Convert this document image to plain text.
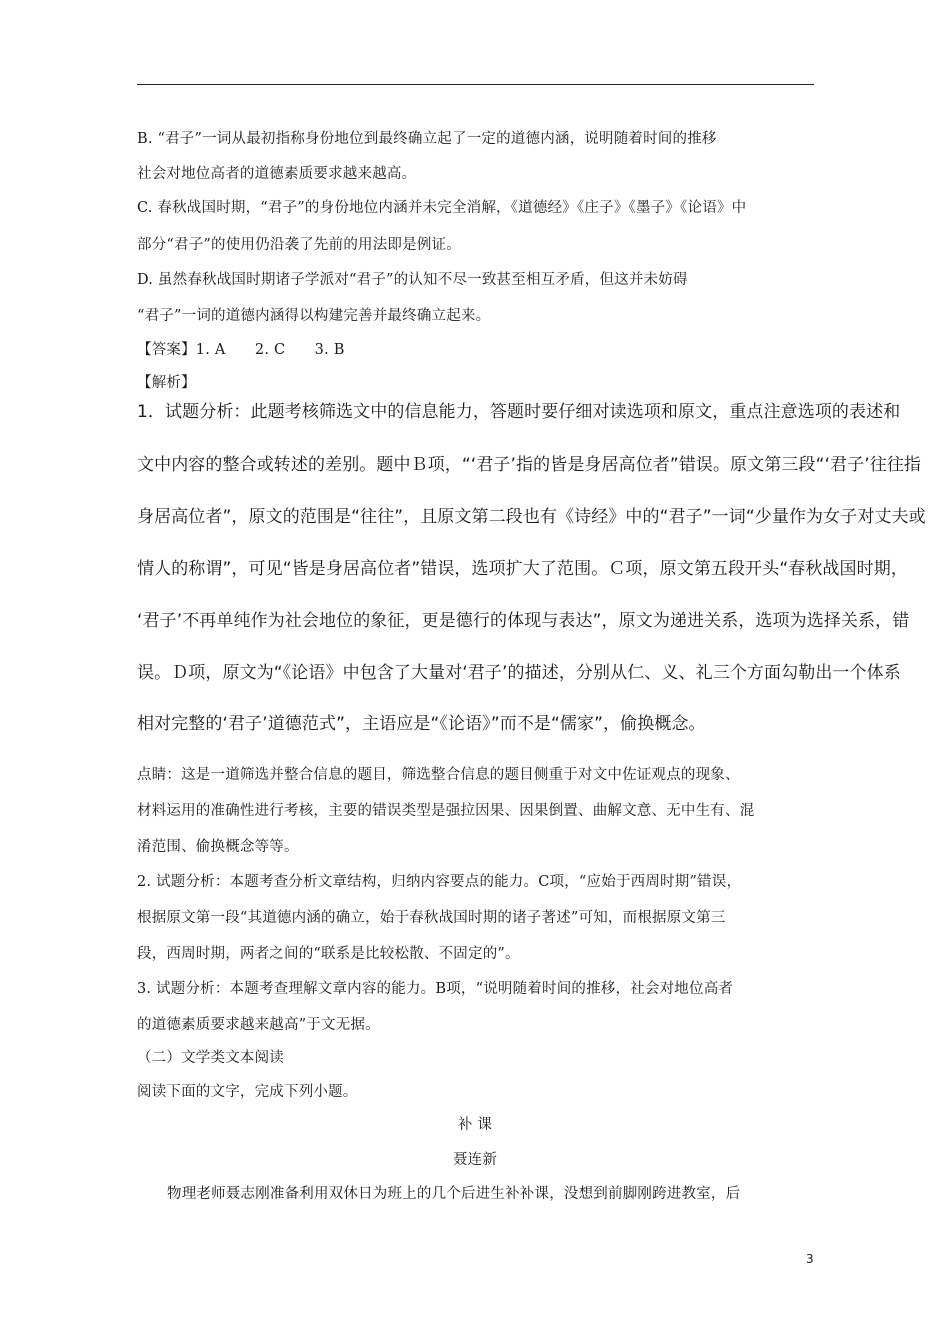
B. “君子”一词从最初指称身份地位到最终确立起了一定的道德内涵，说明随着时间的推移
社会对地位高者的道德素质要求越来越高。
C. 春秋战国时期，“君子”的身份地位内涵并未完全消解，《道德经》《庄子》《墨子》《论语》中
部分“君子”的使用仍沿袭了先前的用法即是例证。
D. 虽然春秋战国时期诸子学派对“君子”的认知不尽一致甚至相互矛盾，但这并未妨碍
“君子”一词的道德内涵得以构建完善并最终确立起来。
【答案】1. A　　2. C　　3. B
【解析】
1．试题分析：此题考核筛选文中的信息能力，答题时要仔细对读选项和原文，重点注意选项的表述和
文中内容的整合或转述的差别。题中Ｂ项，“‘君子’指的皆是身居高位者”错误。原文第三段“‘君子’往往指
身居高位者”，原文的范围是“往往”，且原文第二段也有《诗经》中的“君子”一词“少量作为女子对丈夫或
情人的称谓”，可见“皆是身居高位者”错误，选项扩大了范围。Ｃ项，原文第五段开头“春秋战国时期，
‘君子’不再单纯作为社会地位的象征，更是德行的体现与表达”，原文为递进关系，选项为选择关系，错
误。Ｄ项，原文为“《论语》中包含了大量对‘君子’的描述，分别从仁、义、礼三个方面勾勒出一个体系
相对完整的‘君子’道德范式”，主语应是“《论语》”而不是“儒家”，偷换概念。
点睛：这是一道筛选并整合信息的题目，筛选整合信息的题目侧重于对文中佐证观点的现象、
材料运用的准确性进行考核，主要的错误类型是强拉因果、因果倒置、曲解文意、无中生有、混
淆范围、偷换概念等等。
2. 试题分析：本题考查分析文章结构，归纳内容要点的能力。C项，“应始于西周时期”错误，
根据原文第一段“其道德内涵的确立，始于春秋战国时期的诸子著述”可知，而根据原文第三
段，西周时期，两者之间的“联系是比较松散、不固定的”。
3. 试题分析：本题考查理解文章内容的能力。B项，“说明随着时间的推移，社会对地位高者
的道德素质要求越来越高”于文无据。
（二）文学类文本阅读
阅读下面的文字，完成下列小题。
补 课
聂连新
物理老师聂志刚准备利用双休日为班上的几个后进生补补课，没想到前脚刚跨进教室，后
3
